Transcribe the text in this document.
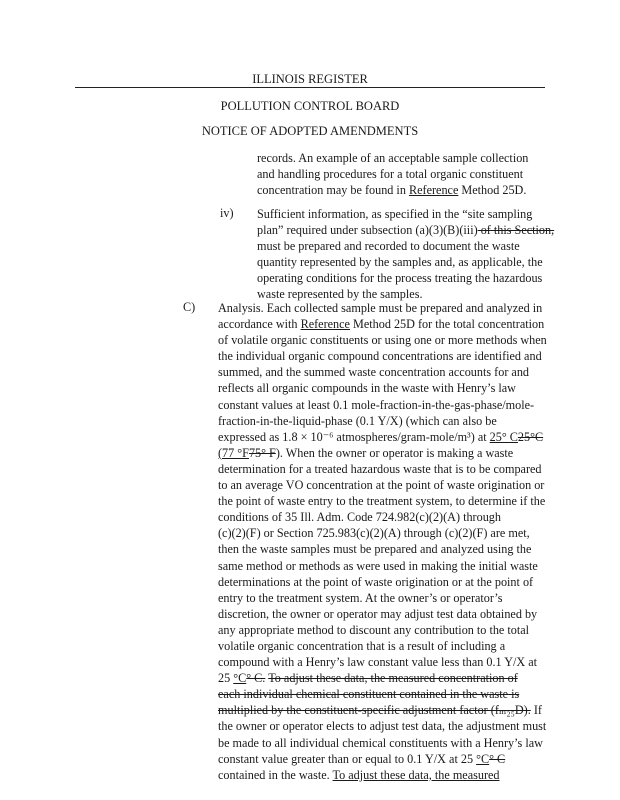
ILLINOIS REGISTER
POLLUTION CONTROL BOARD
NOTICE OF ADOPTED AMENDMENTS
records. An example of an acceptable sample collection
and handling procedures for a total organic constituent
concentration may be found in Reference Method 25D.
iv) Sufficient information, as specified in the “site sampling
plan” required under subsection (a)(3)(B)(iii) of this Section,
must be prepared and recorded to document the waste
quantity represented by the samples and, as applicable, the
operating conditions for the process treating the hazardous
waste represented by the samples.
C) Analysis. Each collected sample must be prepared and analyzed in
accordance with Reference Method 25D for the total concentration
of volatile organic constituents or using one or more methods when
the individual organic compound concentrations are identified and
summed, and the summed waste concentration accounts for and
reflects all organic compounds in the waste with Henry’s law
constant values at least 0.1 mole-fraction-in-the-gas-phase/mole-
fraction-in-the-liquid-phase (0.1 Y/X) (which can also be
expressed as 1.8 × 10⁻⁶ atmospheres/gram-mole/m³) at 25° C25°C
(77 °F75° F). When the owner or operator is making a waste
determination for a treated hazardous waste that is to be compared
to an average VO concentration at the point of waste origination or
the point of waste entry to the treatment system, to determine if the
conditions of 35 Ill. Adm. Code 724.982(c)(2)(A) through
(c)(2)(F) or Section 725.983(c)(2)(A) through (c)(2)(F) are met,
then the waste samples must be prepared and analyzed using the
same method or methods as were used in making the initial waste
determinations at the point of waste origination or at the point of
entry to the treatment system. At the owner’s or operator’s
discretion, the owner or operator may adjust test data obtained by
any appropriate method to discount any contribution to the total
volatile organic concentration that is a result of including a
compound with a Henry’s law constant value less than 0.1 Y/X at
25 °C° C. To adjust these data, the measured concentration of
each individual chemical constituent contained in the waste is
multiplied by the constituent-specific adjustment factor (fₘ₂₅D). If
the owner or operator elects to adjust test data, the adjustment must
be made to all individual chemical constituents with a Henry’s law
constant value greater than or equal to 0.1 Y/X at 25 °C° C
contained in the waste. To adjust these data, the measured
